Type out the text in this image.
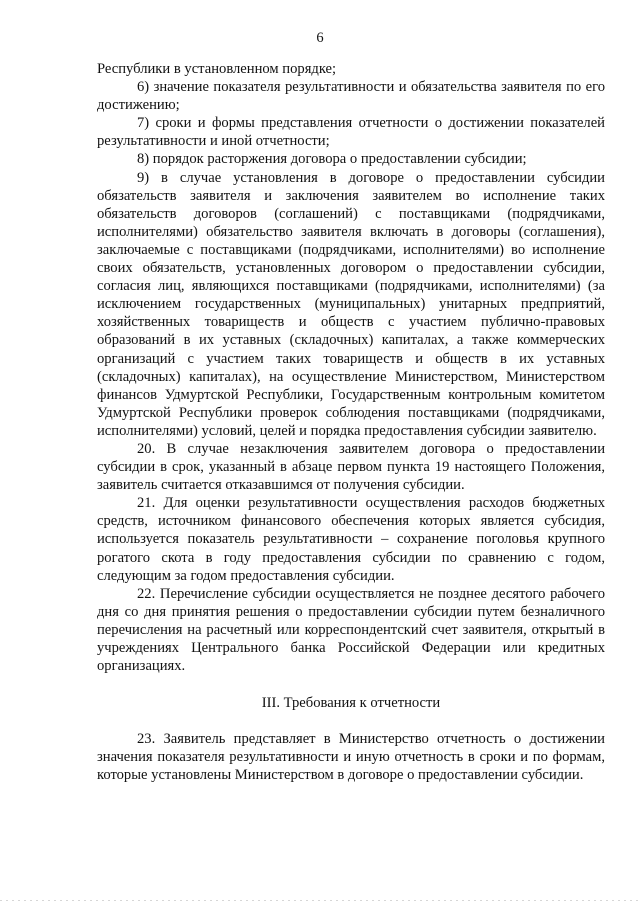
6

Республики в установленном порядке;

6) значение показателя результативности и обязательства заявителя по его достижению;

7) сроки и формы представления отчетности о достижении показателей результативности и иной отчетности;

8) порядок расторжения договора о предоставлении субсидии;

9) в случае установления в договоре о предоставлении субсидии обязательств заявителя и заключения заявителем во исполнение таких обязательств договоров (соглашений) с поставщиками (подрядчиками, исполнителями) обязательство заявителя включать в договоры (соглашения), заключаемые с поставщиками (подрядчиками, исполнителями) во исполнение своих обязательств, установленных договором о предоставлении субсидии, согласия лиц, являющихся поставщиками (подрядчиками, исполнителями) (за исключением государственных (муниципальных) унитарных предприятий, хозяйственных товариществ и обществ с участием публично-правовых образований в их уставных (складочных) капиталах, а также коммерческих организаций с участием таких товариществ и обществ в их уставных (складочных) капиталах), на осуществление Министерством, Министерством финансов Удмуртской Республики, Государственным контрольным комитетом Удмуртской Республики проверок соблюдения поставщиками (подрядчиками, исполнителями) условий, целей и порядка предоставления субсидии заявителю.

20. В случае незаключения заявителем договора о предоставлении субсидии в срок, указанный в абзаце первом пункта 19 настоящего Положения, заявитель считается отказавшимся от получения субсидии.

21. Для оценки результативности осуществления расходов бюджетных средств, источником финансового обеспечения которых является субсидия, используется показатель результативности – сохранение поголовья крупного рогатого скота в году предоставления субсидии по сравнению с годом, следующим за годом предоставления субсидии.

22. Перечисление субсидии осуществляется не позднее десятого рабочего дня со дня принятия решения о предоставлении субсидии путем безналичного перечисления на расчетный или корреспондентский счет заявителя, открытый в учреждениях Центрального банка Российской Федерации или кредитных организациях.

III. Требования к отчетности

23. Заявитель представляет в Министерство отчетность о достижении значения показателя результативности и иную отчетность в сроки и по формам, которые установлены Министерством в договоре о предоставлении субсидии.
